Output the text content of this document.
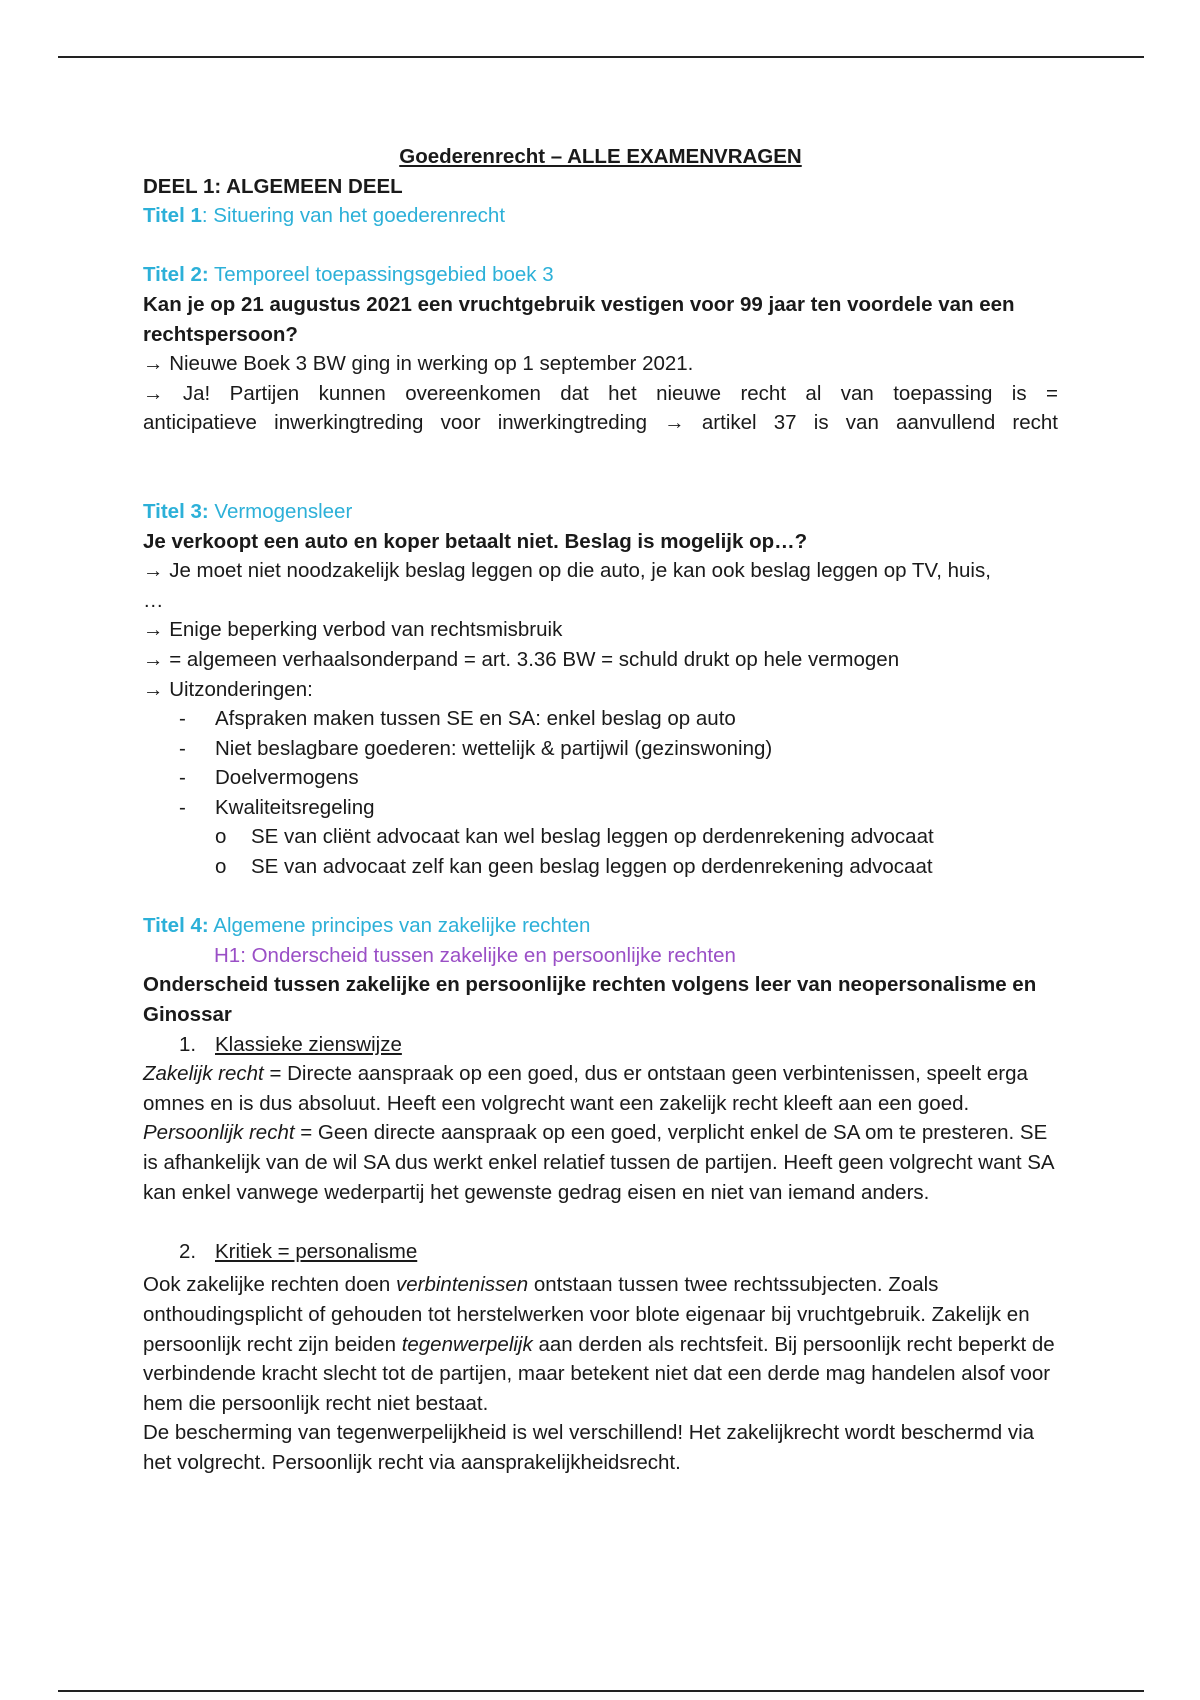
Goederenrecht – ALLE EXAMENVRAGEN
DEEL 1: ALGEMEEN DEEL
Titel 1: Situering van het goederenrecht
Titel 2: Temporeel toepassingsgebied boek 3
Kan je op 21 augustus 2021 een vruchtgebruik vestigen voor 99 jaar ten voordele van een rechtspersoon?
→ Nieuwe Boek 3 BW ging in werking op 1 september 2021.
→ Ja! Partijen kunnen overeenkomen dat het nieuwe recht al van toepassing is =
anticipatieve inwerkingtreding voor inwerkingtreding → artikel 37 is van aanvullend recht
Titel 3: Vermogensleer
Je verkoopt een auto en koper betaalt niet. Beslag is mogelijk op…?
→ Je moet niet noodzakelijk beslag leggen op die auto, je kan ook beslag leggen op TV, huis,
…
→ Enige beperking verbod van rechtsmisbruik
→ = algemeen verhaalsonderpand = art. 3.36 BW = schuld drukt op hele vermogen
→ Uitzonderingen:
- Afspraken maken tussen SE en SA: enkel beslag op auto
- Niet beslagbare goederen: wettelijk & partijwil (gezinswoning)
- Doelvermogens
- Kwaliteitsregeling
o SE van cliënt advocaat kan wel beslag leggen op derdenrekening advocaat
o SE van advocaat zelf kan geen beslag leggen op derdenrekening advocaat
Titel 4: Algemene principes van zakelijke rechten
H1: Onderscheid tussen zakelijke en persoonlijke rechten
Onderscheid tussen zakelijke en persoonlijke rechten volgens leer van neopersonalisme en Ginossar
1. Klassieke zienswijze
Zakelijk recht = Directe aanspraak op een goed, dus er ontstaan geen verbintenissen, speelt erga omnes en is dus absoluut. Heeft een volgrecht want een zakelijk recht kleeft aan een goed.
Persoonlijk recht = Geen directe aanspraak op een goed, verplicht enkel de SA om te presteren. SE is afhankelijk van de wil SA dus werkt enkel relatief tussen de partijen. Heeft geen volgrecht want SA kan enkel vanwege wederpartij het gewenste gedrag eisen en niet van iemand anders.
2. Kritiek = personalisme
Ook zakelijke rechten doen verbintenissen ontstaan tussen twee rechtssubjecten. Zoals onthoudingsplicht of gehouden tot herstelwerken voor blote eigenaar bij vruchtgebruik. Zakelijk en persoonlijk recht zijn beiden tegenwerpelijk aan derden als rechtsfeit. Bij persoonlijk recht beperkt de verbindende kracht slecht tot de partijen, maar betekent niet dat een derde mag handelen alsof voor hem die persoonlijk recht niet bestaat.
De bescherming van tegenwerpelijkheid is wel verschillend! Het zakelijkrecht wordt beschermd via het volgrecht. Persoonlijk recht via aansprakelijkheidsrecht.
